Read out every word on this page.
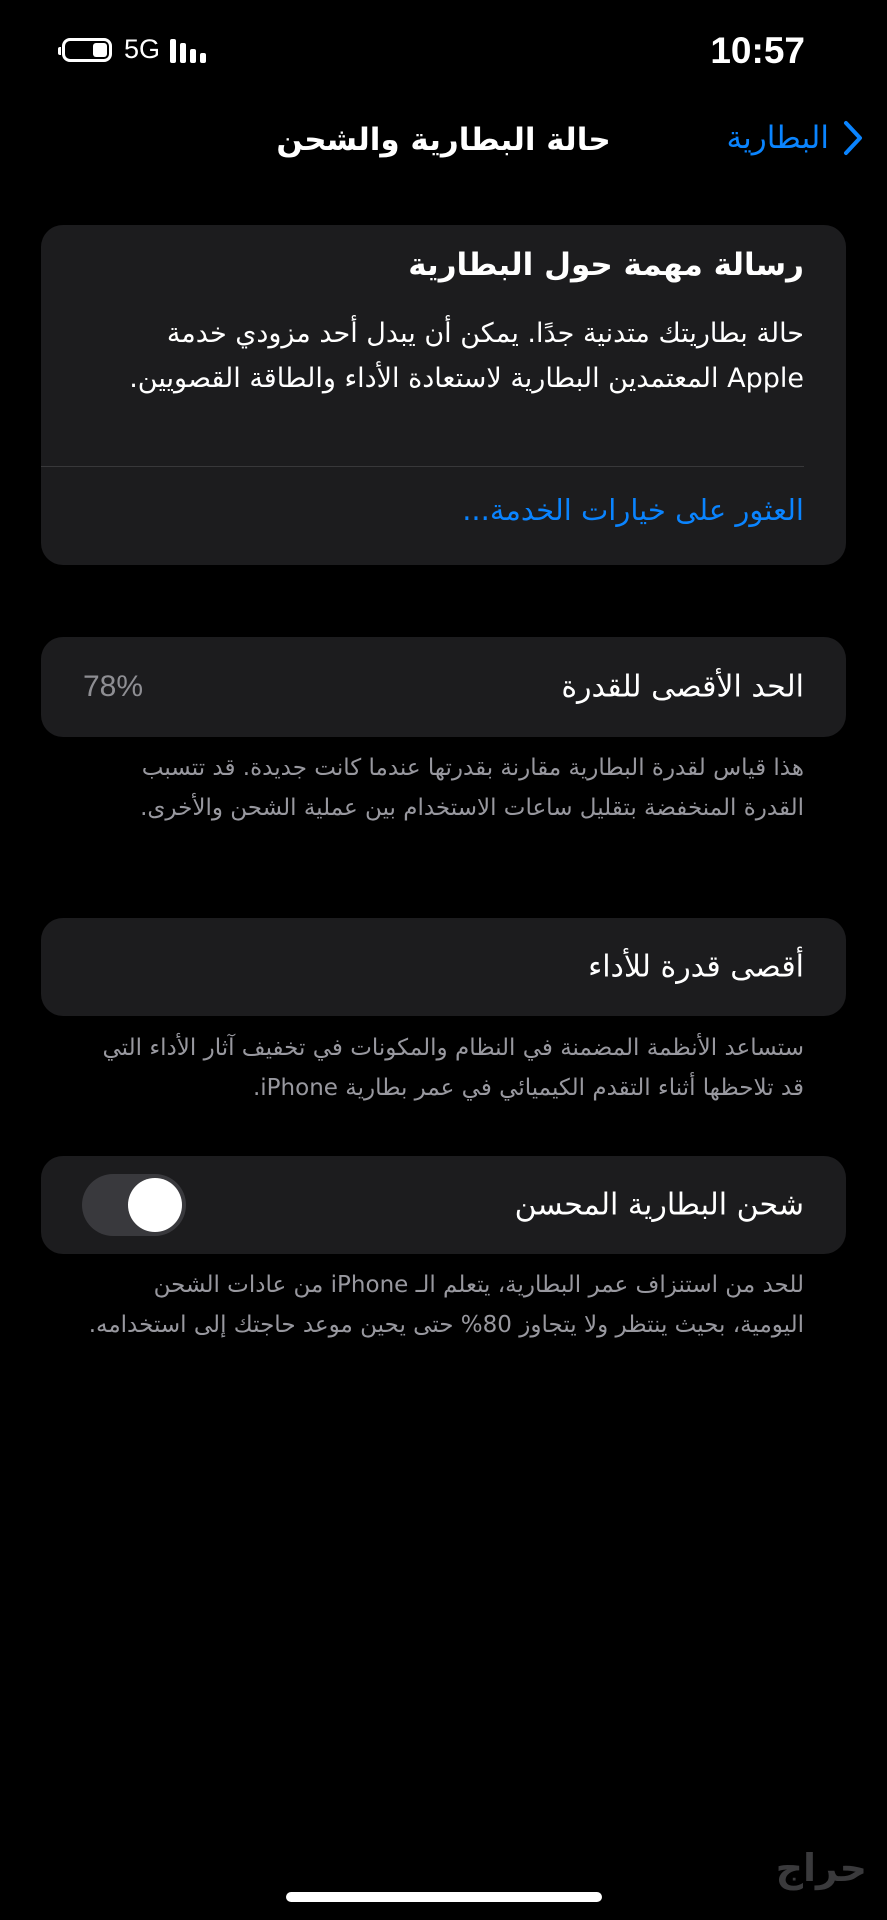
5G	10:57
حالة البطارية والشحن	البطارية
رسالة مهمة حول البطارية
حالة بطاريتك متدنية جدًا. يمكن أن يبدل أحد مزودي خدمة Apple المعتمدين البطارية لاستعادة الأداء والطاقة القصويين.
العثور على خيارات الخدمة...
الحد الأقصى للقدرة
78%
هذا قياس لقدرة البطارية مقارنة بقدرتها عندما كانت جديدة. قد تتسبب القدرة المنخفضة بتقليل ساعات الاستخدام بين عملية الشحن والأخرى.
أقصى قدرة للأداء
ستساعد الأنظمة المضمنة في النظام والمكونات في تخفيف آثار الأداء التي قد تلاحظها أثناء التقدم الكيميائي في عمر بطارية iPhone.
شحن البطارية المحسن
للحد من استنزاف عمر البطارية، يتعلم الـ iPhone من عادات الشحن اليومية، بحيث ينتظر ولا يتجاوز 80% حتى يحين موعد حاجتك إلى استخدامه.
حراج
